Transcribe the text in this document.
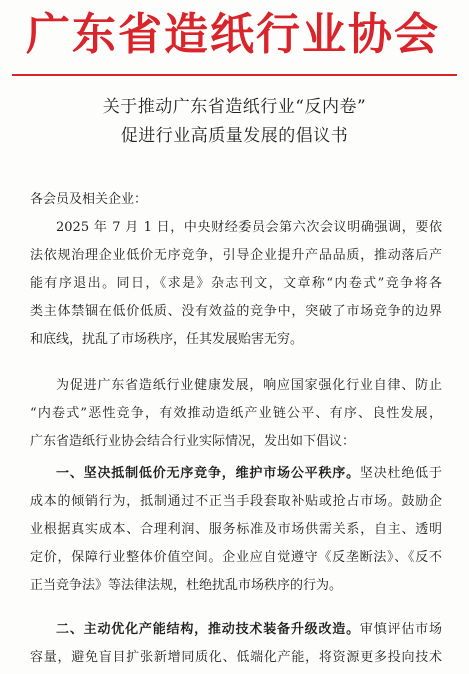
广东省造纸行业协会
关于推动广东省造纸行业“反内卷”
促进行业高质量发展的倡议书
各会员及相关企业：
2025 年 7 月 1 日，中央财经委员会第六次会议明确强调，要依
法依规治理企业低价无序竞争，引导企业提升产品品质，推动落后产
能有序退出。同日，《求是》杂志刊文，文章称“内卷式”竞争将各
类主体禁锢在低价低质、没有效益的竞争中，突破了市场竞争的边界
和底线，扰乱了市场秩序，任其发展贻害无穷。
为促进广东省造纸行业健康发展，响应国家强化行业自律、防止
“内卷式”恶性竞争，有效推动造纸产业链公平、有序、良性发展，
广东省造纸行业协会结合行业实际情况，发出如下倡议：
一、坚决抵制低价无序竞争，维护市场公平秩序。坚决杜绝低于
成本的倾销行为，抵制通过不正当手段套取补贴或抢占市场。鼓励企
业根据真实成本、合理利润、服务标准及市场供需关系，自主、透明
定价，保障行业整体价值空间。企业应自觉遵守《反垄断法》、《反不
正当竞争法》等法律法规，杜绝扰乱市场秩序的行为。
二、主动优化产能结构，推动技术装备升级改造。审慎评估市场
容量，避免盲目扩张新增同质化、低端化产能，将资源更多投向技术
